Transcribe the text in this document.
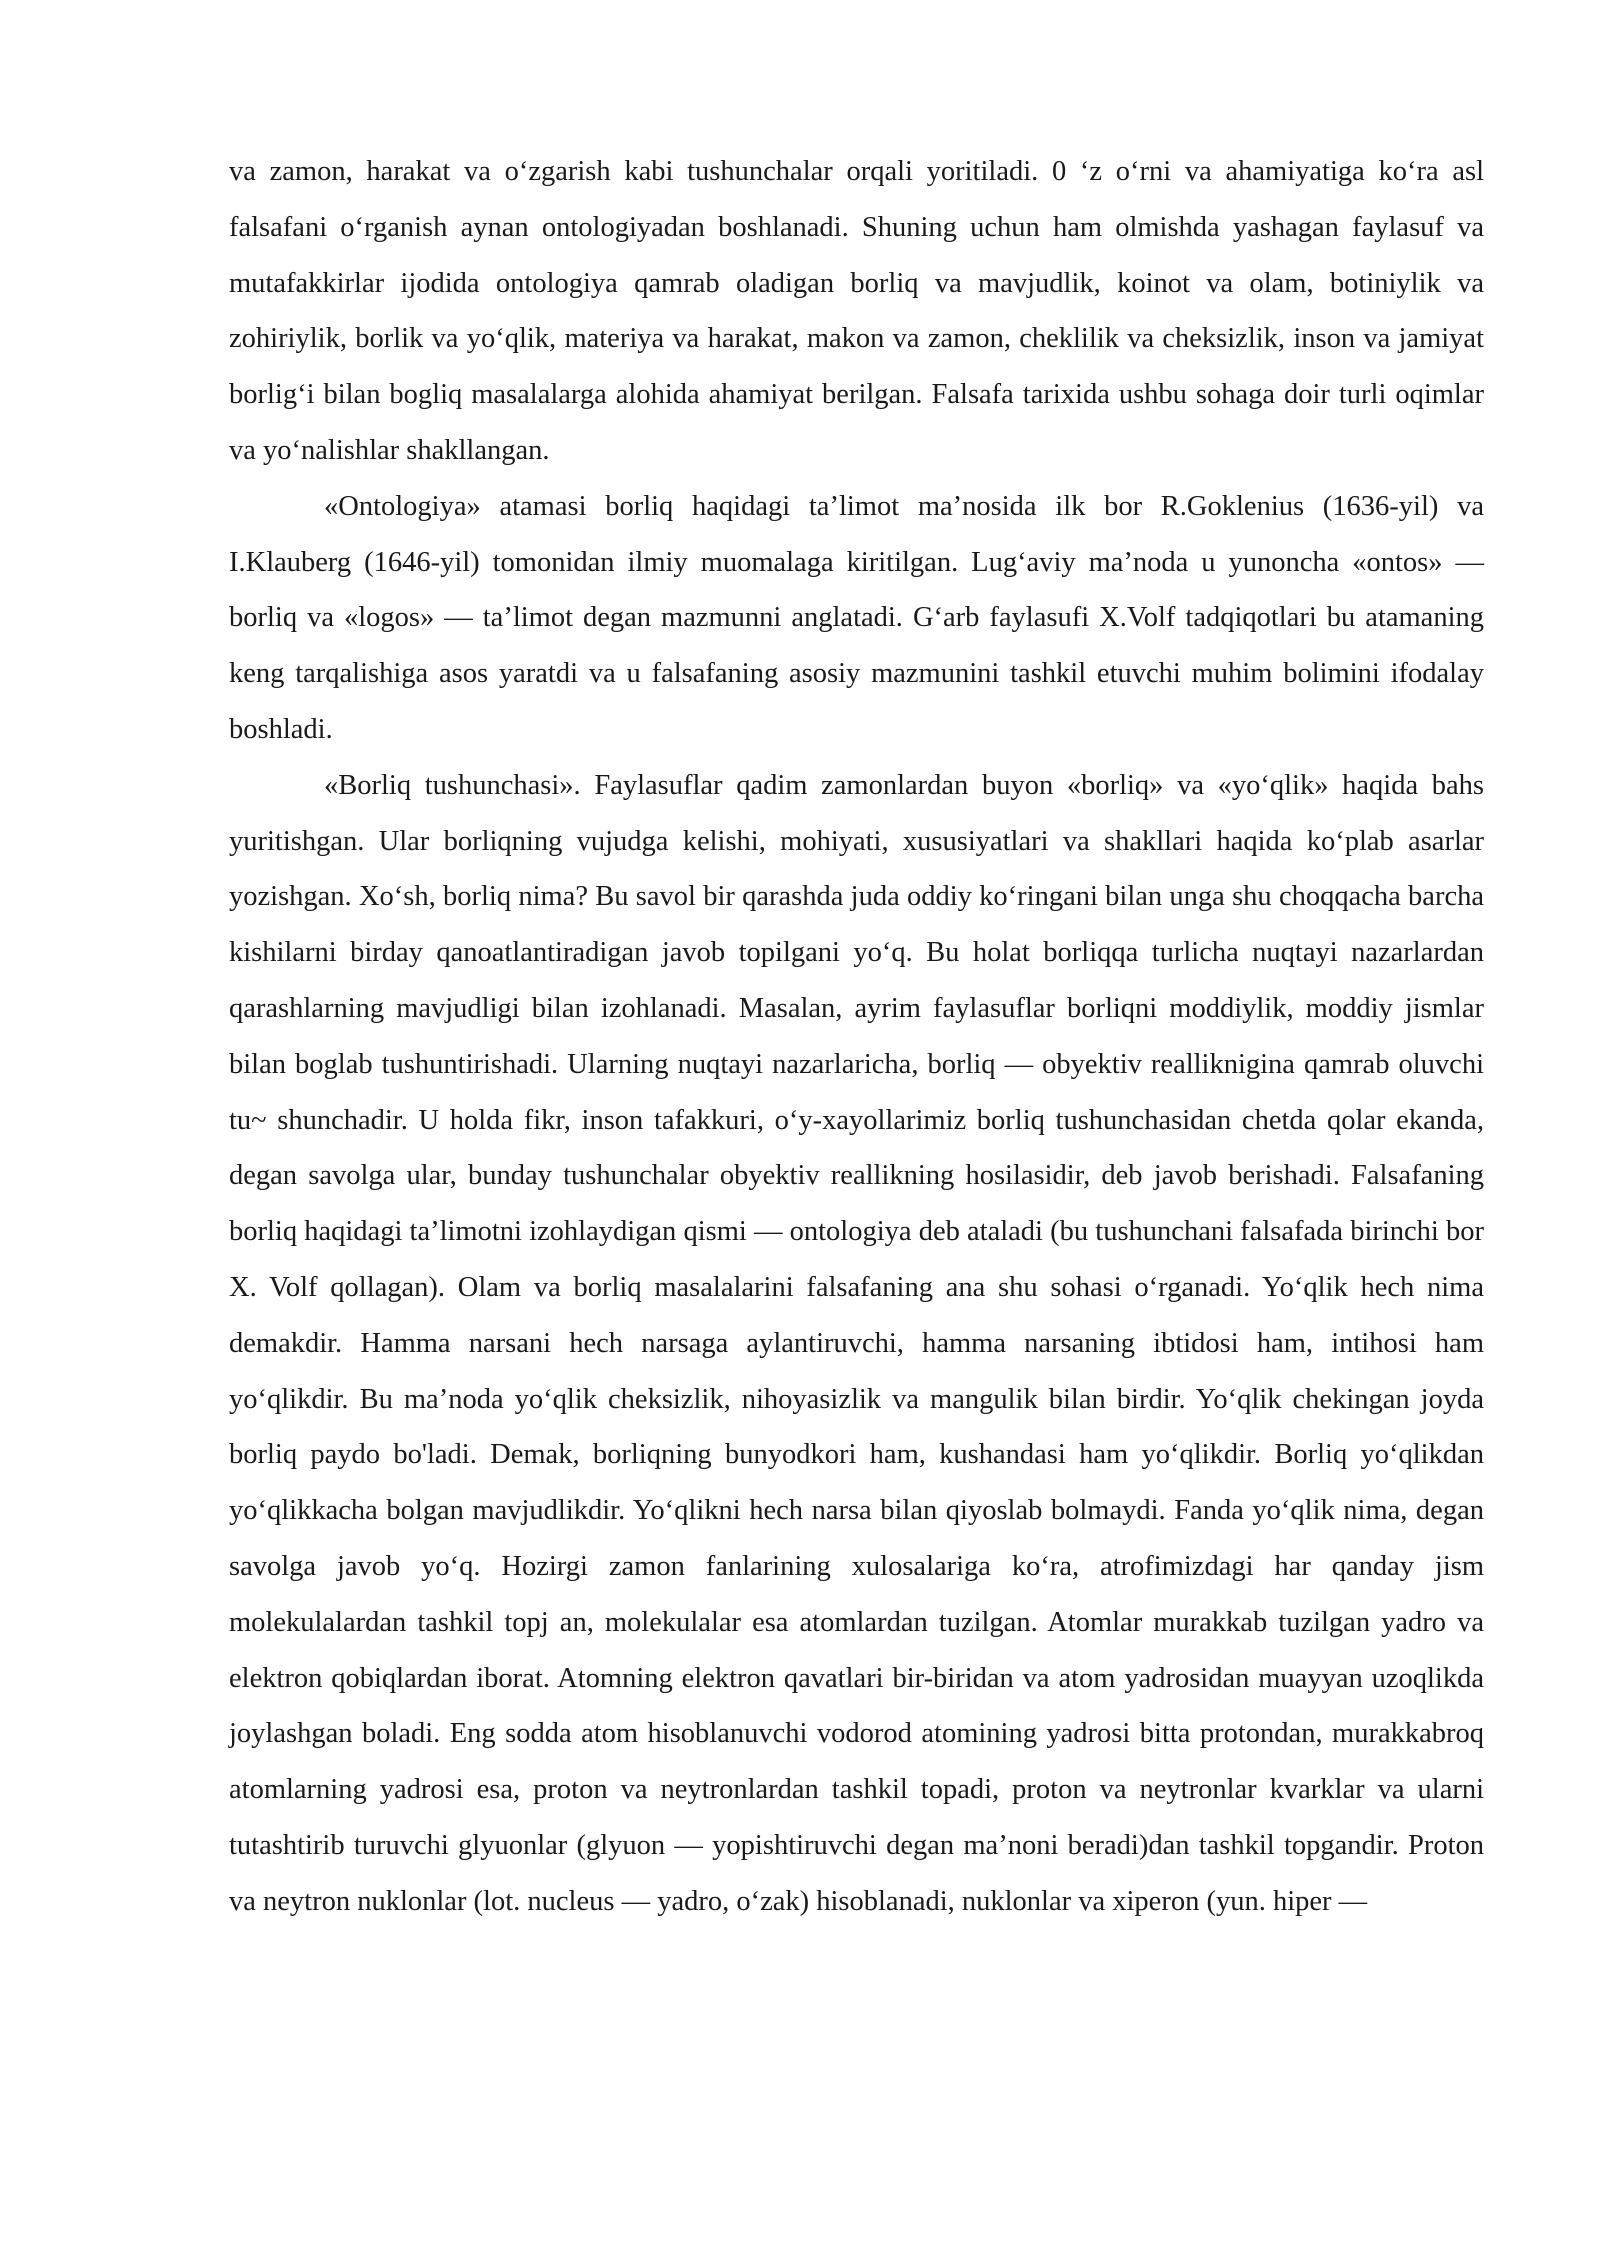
va zamon, harakat va o‘zgarish kabi tushunchalar orqali yoritiladi. 0 ‘z o‘rni va ahamiyatiga ko‘ra asl falsafani o‘rganish aynan ontologiyadan boshlanadi. Shuning uchun ham olmishda yashagan faylasuf va mutafakkirlar ijodida ontologiya qamrab oladigan borliq va mavjudlik, koinot va olam, botiniylik va zohiriylik, borlik va yo‘qlik, materiya va harakat, makon va zamon, cheklilik va cheksizlik, inson va jamiyat borlig‘i bilan bogliq masalalarga alohida ahamiyat berilgan. Falsafa tarixida ushbu sohaga doir turli oqimlar va yo‘nalishlar shakllangan.

«Ontologiya» atamasi borliq haqidagi ta’limot ma’nosida ilk bor R.Goklenius (1636-yil) va I.Klauberg (1646-yil) tomonidan ilmiy muomalaga kiritilgan. Lug‘aviy ma’noda u yunoncha «ontos» — borliq va «logos» — ta’limot degan mazmunni anglatadi. G‘arb faylasufi X.Volf tadqiqotlari bu atamaning keng tarqalishiga asos yaratdi va u falsafaning asosiy mazmunini tashkil etuvchi muhim bolimini ifodalay boshladi.

«Borliq tushunchasi». Faylasuflar qadim zamonlardan buyon «borliq» va «yo‘qlik» haqida bahs yuritishgan. Ular borliqning vujudga kelishi, mohiyati, xususiyatlari va shakllari haqida ko‘plab asarlar yozishgan. Xo‘sh, borliq nima? Bu savol bir qarashda juda oddiy ko‘ringani bilan unga shu choqqacha barcha kishilarni birday qanoatlantiradigan javob topilgani yo‘q. Bu holat borliqqa turlicha nuqtayi nazarlardan qarashlarning mavjudligi bilan izohlanadi. Masalan, ayrim faylasuflar borliqni moddiylik, moddiy jismlar bilan boglab tushuntirishadi. Ularning nuqtayi nazarlaricha, borliq — obyektiv reallikniginа qamrab oluvchi tu~ shunchadir. U holda fikr, inson tafakkuri, o‘y-xayollarimiz borliq tushunchasidan chetda qolar ekanda, degan savolga ular, bunday tushunchalar obyektiv reallikning hosilasidir, deb javob berishadi. Falsafaning borliq haqidagi ta’limotni izohlaydigan qismi — ontologiya deb ataladi (bu tushunchani falsafada birinchi bor X. Volf qollagan). Olam va borliq masalalarini falsafaning ana shu sohasi o‘rganadi. Yo‘qlik hech nima demakdir. Hamma narsani hech narsaga aylantiruvchi, hamma narsaning ibtidosi ham, intihosi ham yo‘qlikdir. Bu ma’noda yo‘qlik cheksizlik, nihoyasizlik va mangulik bilan birdir. Yo‘qlik chekingan joyda borliq paydo bo'ladi. Demak, borliqning bunyodkori ham, kushandasi ham yo‘qlikdir. Borliq yo‘qlikdan yo‘qlikkacha bolgan mavjudlikdir. Yo‘qlikni hech narsa bilan qiyoslab bolmaydi. Fanda yo‘qlik nima, degan savolga javob yo‘q. Hozirgi zamon fanlarining xulosalariga ko‘ra, atrofimizdagi har qanday jism molekulalardan tashkil topj an, molekulalar esa atomlardan tuzilgan. Atomlar murakkab tuzilgan yadro va elektron qobiqlardan iborat. Atomning elektron qavatlari bir-biridan va atom yadrosidan muayyan uzoqlikda joylashgan boladi. Eng sodda atom hisoblanuvchi vodorod atomining yadrosi bitta protondan, murakkabroq atomlarning yadrosi esa, proton va neytronlardan tashkil topadi, proton va neytronlar kvarklar va ularni tutashtirib turuvchi glyuonlar (glyuon — yopishtiruvchi degan ma’noni beradi)dan tashkil topgandir. Proton va neytron nuklonlar (lot. nucleus — yadro, o‘zak) hisoblanadi, nuklonlar va xiperon (yun. hiper —
